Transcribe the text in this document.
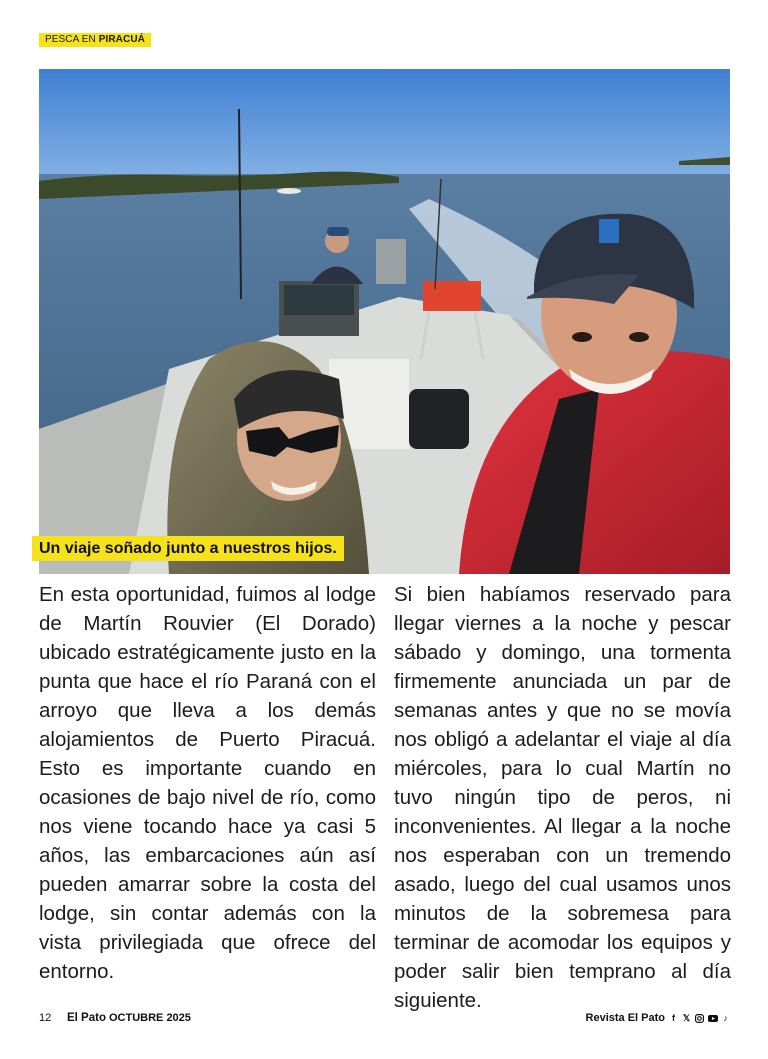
PESCA EN PIRACUÁ
Un viaje soñado junto a nuestros hijos.
En esta oportunidad, fuimos al lodge de Martín Rouvier (El Dorado) ubicado estratégicamente justo en la punta que hace el río Paraná con el arroyo que lleva a los demás alojamientos de Puerto Piracuá. Esto es importante cuando en ocasiones de bajo nivel de río, como nos viene tocando hace ya casi 5 años, las embarcaciones aún así pueden amarrar sobre la costa del lodge, sin contar además con la vista privilegiada que ofrece del entorno.
Si bien habíamos reservado para llegar viernes a la noche y pescar sábado y domingo, una tormenta firmemente anunciada un par de semanas antes y que no se movía nos obligó a adelantar el viaje al día miércoles, para lo cual Martín no tuvo ningún tipo de peros, ni inconvenientes. Al llegar a la noche nos esperaban con un tremendo asado, luego del cual usamos unos minutos de la sobremesa para terminar de acomodar los equipos y poder salir bien temprano al día siguiente.
12 El Pato OCTUBRE 2025	Revista El Pato f 𝕏	♪
